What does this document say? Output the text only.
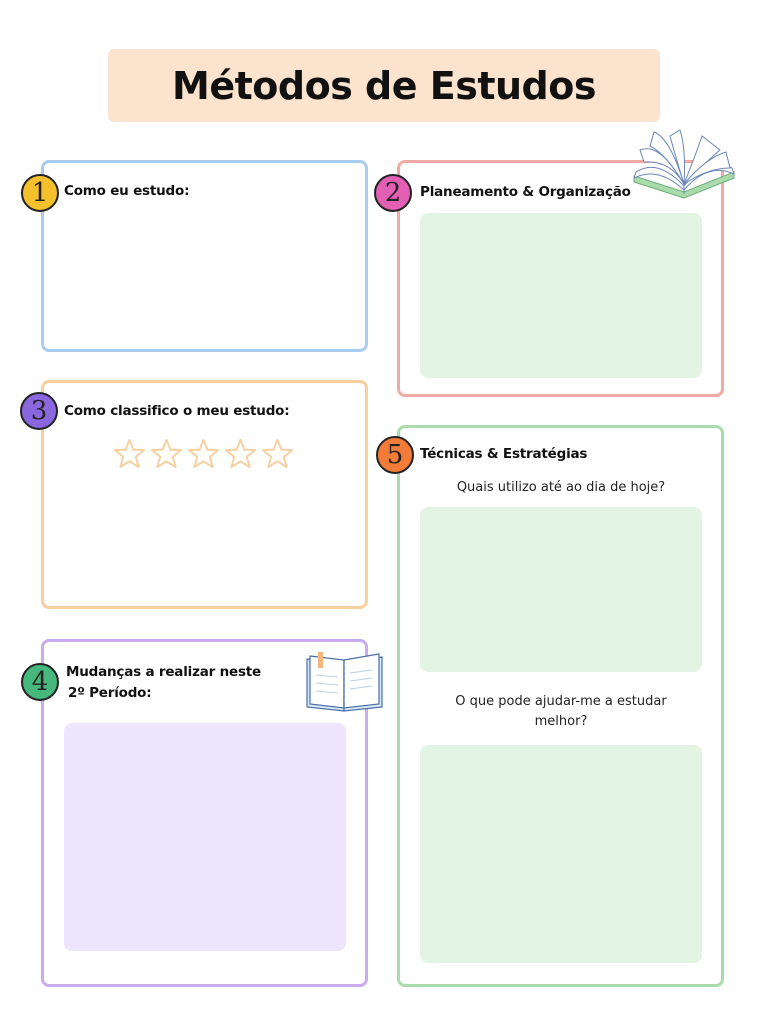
Métodos de Estudos
1	Como eu estudo:	2	Planeamento & Organização
3	Como classifico o meu estudo:
4	Mudanças a realizar neste
2º Período:
5	Técnicas & Estratégias
Quais utilizo até ao dia de hoje?
O que pode ajudar-me a estudar
melhor?
